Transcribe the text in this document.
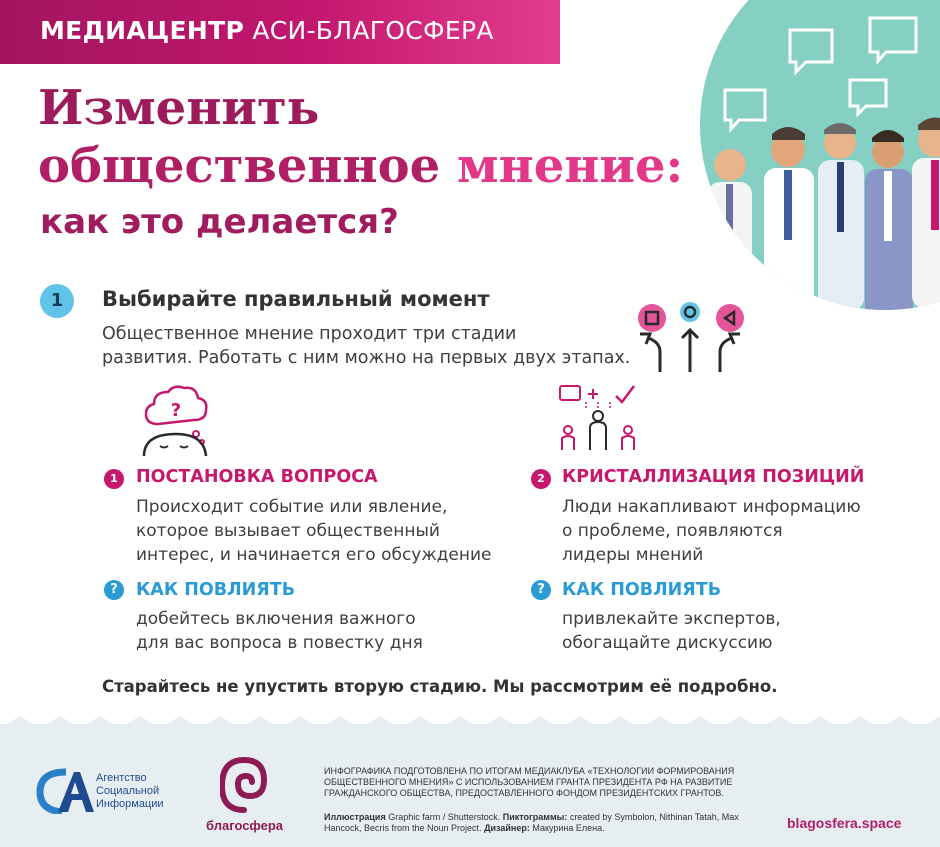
МЕДИАЦЕНТР АСИ-БЛАГОСФЕРА
Изменить
общественное мнение:
как это делается?
1	Выбирайте правильный момент
Общественное мнение проходит три стадии
развития. Работать с ним можно на первых двух этапах.
?
1	ПОСТАНОВКА ВОПРОСА
Происходит событие или явление,
которое вызывает общественный
интерес, и начинается его обсуждение
?	КАК ПОВЛИЯТЬ
добейтесь включения важного
для вас вопроса в повестку дня
2 КРИСТАЛЛИЗАЦИЯ ПОЗИЦИЙ
Люди накапливают информацию
о проблеме, появляются
лидеры мнений
? КАК ПОВЛИЯТЬ
привлекайте экспертов,
обогащайте дискуссию
Старайтесь не упустить вторую стадию. Мы рассмотрим её подробно.
Агентство
Социальной
Информации
благосфера
ИНФОГРАФИКА ПОДГОТОВЛЕНА ПО ИТОГАМ МЕДИАКЛУБА «ТЕХНОЛОГИИ ФОРМИРОВАНИЯ ОБЩЕСТВЕННОГО МНЕНИЯ» С ИСПОЛЬЗОВАНИЕМ ГРАНТА ПРЕЗИДЕНТА РФ НА РАЗВИТИЕ ГРАЖДАНСКОГО ОБЩЕСТВА, ПРЕДОСТАВЛЕННОГО ФОНДОМ ПРЕЗИДЕНТСКИХ ГРАНТОВ.
Иллюстрация Graphic farm / Shutterstock. Пиктограммы: created by Symbolon, Nithinan Tatah, Max Hancock, Becris from the Noun Project. Дизайнер: Макурина Елена.	blagosfera.space
